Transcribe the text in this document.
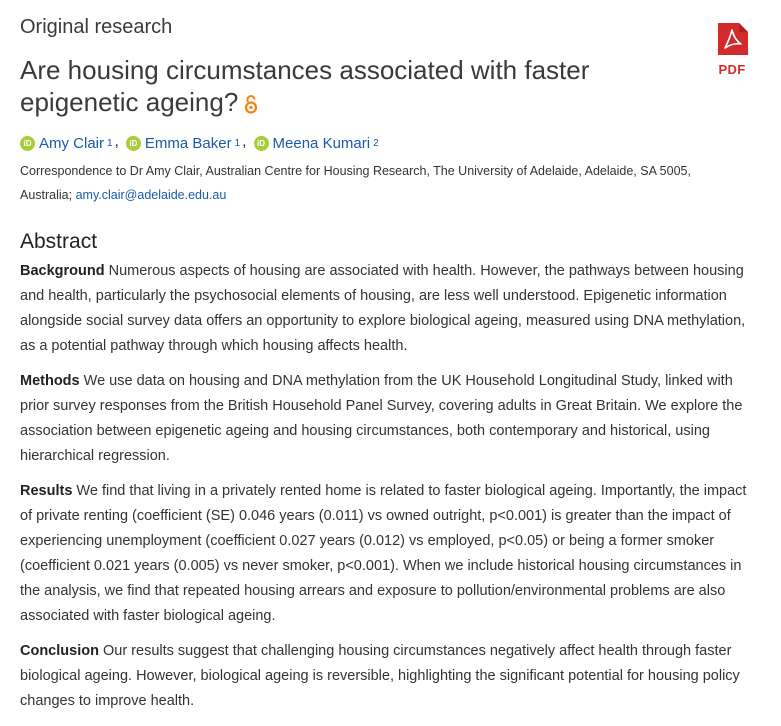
Original research
Are housing circumstances associated with faster epigenetic ageing?
PDF
iD Amy Clair 1 ,	iD Emma Baker 1 ,	iD Meena Kumari 2
Correspondence to Dr Amy Clair, Australian Centre for Housing Research, The University of Adelaide, Adelaide, SA 5005, Australia; amy.clair@adelaide.edu.au
Abstract

Background Numerous aspects of housing are associated with health. However, the pathways between housing and health, particularly the psychosocial elements of housing, are less well understood. Epigenetic information alongside social survey data offers an opportunity to explore biological ageing, measured using DNA methylation, as a potential pathway through which housing affects health.

Methods We use data on housing and DNA methylation from the UK Household Longitudinal Study, linked with prior survey responses from the British Household Panel Survey, covering adults in Great Britain. We explore the association between epigenetic ageing and housing circumstances, both contemporary and historical, using hierarchical regression.

Results We find that living in a privately rented home is related to faster biological ageing. Importantly, the impact of private renting (coefficient (SE) 0.046 years (0.011) vs owned outright, p<0.001) is greater than the impact of experiencing unemployment (coefficient 0.027 years (0.012) vs employed, p<0.05) or being a former smoker (coefficient 0.021 years (0.005) vs never smoker, p<0.001). When we include historical housing circumstances in the analysis, we find that repeated housing arrears and exposure to pollution/environmental problems are also associated with faster biological ageing.

Conclusion Our results suggest that challenging housing circumstances negatively affect health through faster biological ageing. However, biological ageing is reversible, highlighting the significant potential for housing policy changes to improve health.
